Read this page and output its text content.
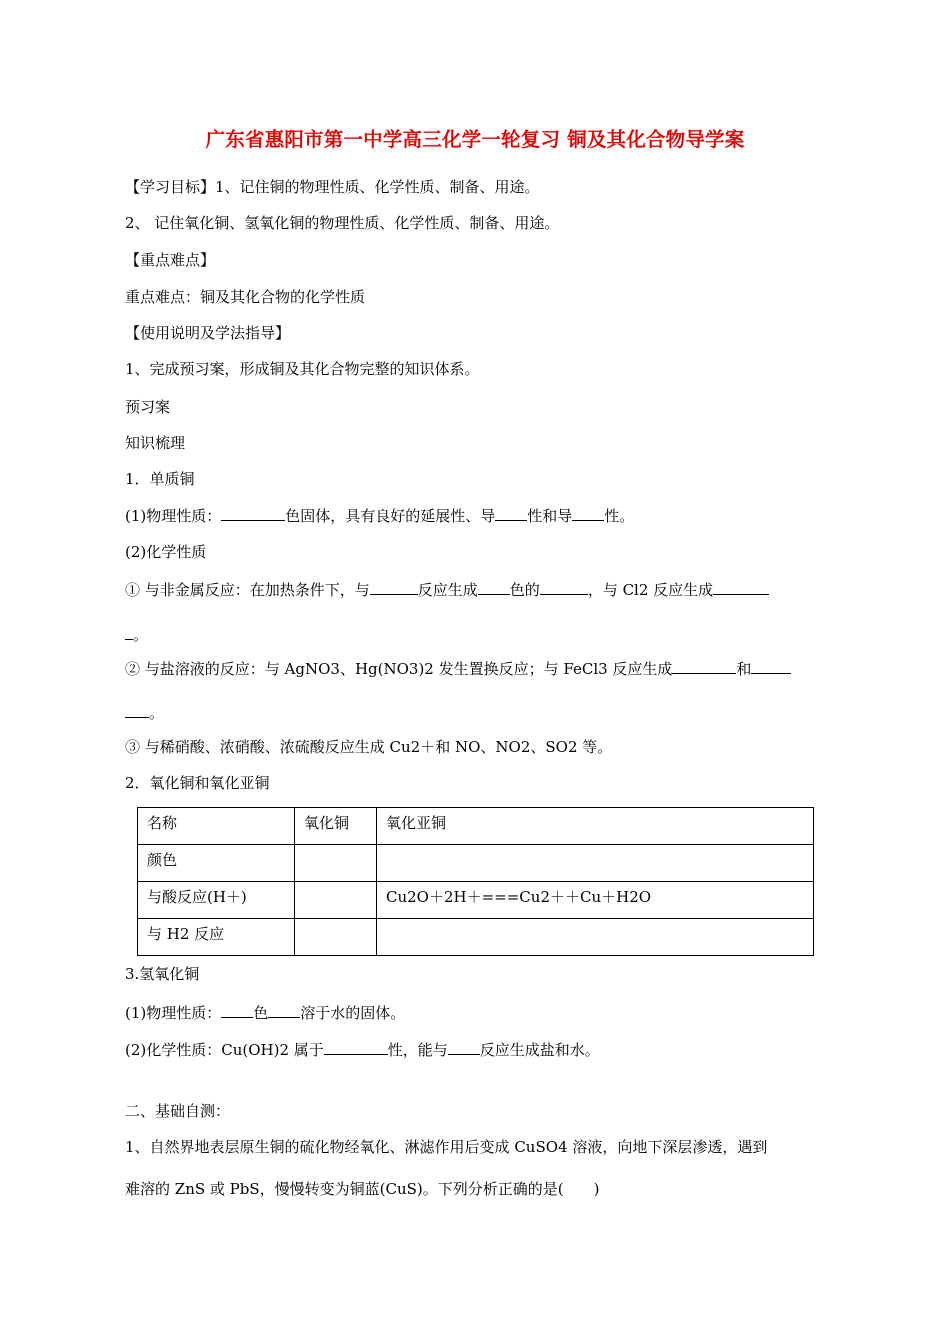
广东省惠阳市第一中学高三化学一轮复习 铜及其化合物导学案
【学习目标】1、记住铜的物理性质、化学性质、制备、用途。
2、 记住氧化铜、氢氧化铜的物理性质、化学性质、制备、用途。
【重点难点】
重点难点：铜及其化合物的化学性质
【使用说明及学法指导】
1、完成预习案，形成铜及其化合物完整的知识体系。
预习案
知识梳理
1．单质铜
(1)物理性质：	色固体，具有良好的延展性、导 性和导 性。
(2)化学性质
① 与非金属反应：在加热条件下，与	反应生成 色的	，与 Cl2 反应生成
。
② 与盐溶液的反应：与 AgNO3、Hg(NO3)2 发生置换反应；与 FeCl3 反应生成	和
。
③ 与稀硝酸、浓硝酸、浓硫酸反应生成 Cu2＋和 NO、NO2、SO2 等。
2．氧化铜和氧化亚铜
名称	氧化铜	氧化亚铜
颜色		
与酸反应(H＋)		Cu2O＋2H＋===Cu2＋＋Cu＋H2O
与 H2 反应		
3.氢氧化铜
(1)物理性质： 色 溶于水的固体。
(2)化学性质：Cu(OH)2 属于	性，能与 反应生成盐和水。
二、基础自测：
1、自然界地表层原生铜的硫化物经氧化、淋滤作用后变成 CuSO4 溶液，向地下深层渗透，遇到
难溶的 ZnS 或 PbS，慢慢转变为铜蓝(CuS)。下列分析正确的是(　　)
